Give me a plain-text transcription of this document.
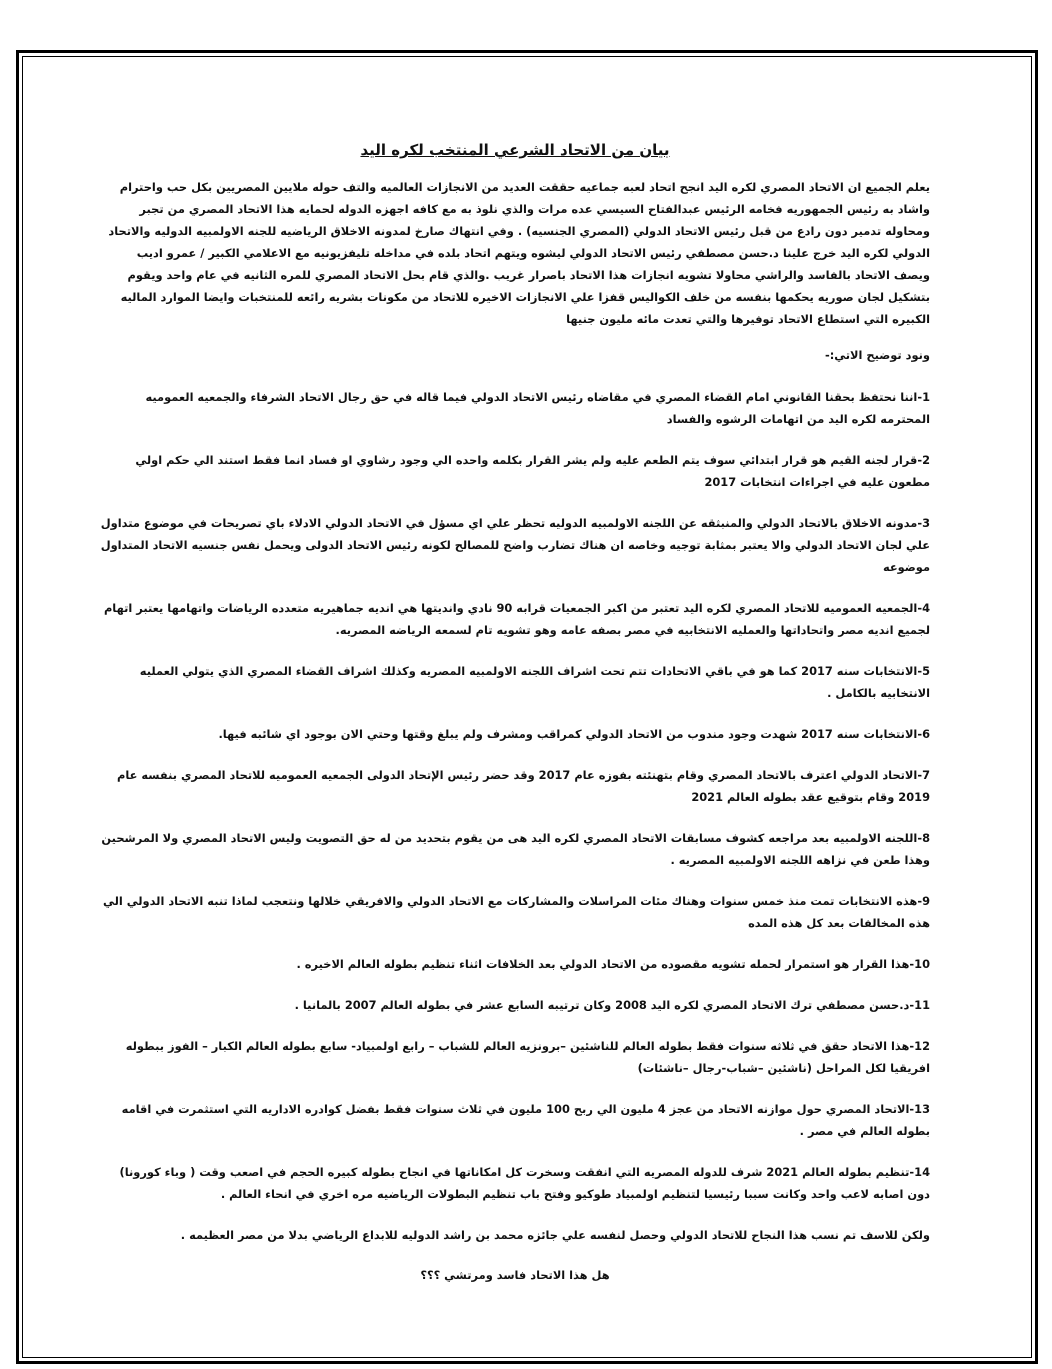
بيان من الاتحاد الشرعي المنتخب لكره اليد

يعلم الجميع ان الاتحاد المصري لكره اليد انجح اتحاد لعبه جماعيه حققت العديد من الانجازات العالميه والتف حوله ملايين المصريين بكل حب واحترام واشاد به رئيس الجمهوريه فخامه الرئيس عبدالفتاح السيسي عده مرات والذي نلوذ به مع كافه اجهزه الدوله لحمايه هذا الاتحاد المصري من تجبر ومحاوله تدمير دون رادع من قبل رئيس الاتحاد الدولي (المصري الجنسيه) . وفي انتهاك صارخ لمدونه الاخلاق الرياضيه للجنه الاولمبيه الدوليه والاتحاد الدولي لكره اليد خرج علينا د.حسن مصطفي رئيس الاتحاد الدولي ليشوه ويتهم اتحاد بلده في مداخله تليفزيونيه مع الاعلامي الكبير / عمرو اديب ويصف الاتحاد بالفاسد والراشي محاولا تشويه انجازات هذا الاتحاد باصرار غريب .والذي قام بحل الاتحاد المصري للمره الثانيه في عام واحد ويقوم بتشكيل لجان صوريه يحكمها بنفسه من خلف الكواليس قفزا علي الانجازات الاخيره للاتحاد من مكونات بشريه رائعه للمنتخبات وايضا الموارد الماليه الكبيره التي استطاع الاتحاد توفيرها والتي تعدت مائه مليون جنيها

ونود توضيح الاتي:-

1-اننا نحتفظ بحقنا القانوني امام القضاء المصري في مقاضاه رئيس الاتحاد الدولي فيما قاله في حق رجال الاتحاد الشرفاء والجمعيه العموميه المحترمه لكره اليد من اتهامات الرشوه والفساد

2-قرار لجنه القيم هو قرار ابتدائي سوف يتم الطعم عليه ولم يشر القرار بكلمه واحده الي وجود رشاوي او فساد انما فقط استند الي حكم اولي مطعون عليه في اجراءات انتخابات 2017

3-مدونه الاخلاق بالاتحاد الدولي والمنبثقه عن اللجنه الاولمبيه الدوليه تحظر علي اي مسؤل في الاتحاد الدولي الادلاء باي تصريحات في موضوع متداول علي لجان الاتحاد الدولي والا يعتبر بمثابة توجيه وخاصه ان هناك تضارب واضح للمصالح لكونه رئيس الاتحاد الدولى ويحمل نفس جنسيه الاتحاد المتداول موضوعه

4-الجمعيه العموميه للاتحاد المصري لكره اليد تعتبر من اكبر الجمعيات قرابه 90 نادي وانديتها هي انديه جماهيريه متعدده الرياضات واتهامها يعتبر اتهام لجميع انديه مصر واتحاداتها والعمليه الانتخابيه في مصر بصفه عامه وهو تشويه تام لسمعه الرياضه المصريه.

5-الانتخابات سنه 2017 كما هو في باقي الاتحادات تتم تحت اشراف اللجنه الاولمبيه المصريه وكذلك اشراف القضاء المصري الذي يتولي العمليه الانتخابيه بالكامل .

6-الانتخابات سنه 2017 شهدت وجود مندوب من الاتحاد الدولي كمراقب ومشرف ولم يبلغ وقتها وحتي الان بوجود اي شائبه فيها.

7-الاتحاد الدولي اعترف بالاتحاد المصري وقام بتهنئته بفوزه عام 2017 وقد حضر رئيس الإتحاد الدولى الجمعيه العموميه للاتحاد المصري بنفسه عام 2019 وقام بتوقيع عقد بطوله العالم 2021

8-اللجنه الاولمبيه بعد مراجعه كشوف مسابقات الاتحاد المصري لكره اليد هى من يقوم بتحديد من له حق التصويت وليس الاتحاد المصري ولا المرشحين وهذا طعن في نزاهه اللجنه الاولمبيه المصريه .

9-هذه الانتخابات تمت منذ خمس سنوات وهناك مئات المراسلات والمشاركات مع الاتحاد الدولي والافريقي خلالها ونتعجب لماذا تنبه الاتحاد الدولي الي هذه المخالفات بعد كل هذه المده

10-هذا القرار هو استمرار لحمله تشويه مقصوده من الاتحاد الدولي بعد الخلافات اثناء تنظيم بطوله العالم الاخيره .

11-د.حسن مصطفي ترك الاتحاد المصري لكره اليد 2008 وكان ترتيبه السابع عشر في بطوله العالم 2007 بالمانيا .

12-هذا الاتحاد حقق في ثلاثه سنوات فقط بطوله العالم للناشئين –برونزيه العالم للشباب – رابع اولمبياد- سابع بطوله العالم الكبار – الفوز ببطوله افريقيا لكل المراحل (ناشئين –شباب-رجال –ناشئات)

13-الاتحاد المصري حول موازنه الاتحاد من عجز 4 مليون الي ربح 100 مليون في ثلاث سنوات فقط بفضل كوادره الاداريه التي استثمرت في اقامه بطوله العالم في مصر .

14-تنظيم بطوله العالم 2021 شرف للدوله المصريه التي انفقت وسخرت كل امكاناتها في انجاح بطوله كبيره الحجم في اصعب وقت ( وباء كورونا) دون اصابه لاعب واحد وكانت سببا رئيسيا لتنظيم اولمبياد طوكيو وفتح باب تنظيم البطولات الرياضيه مره اخري في انحاء العالم .

ولكن للاسف تم نسب هذا النجاح للاتحاد الدولي وحصل لنفسه علي جائزه محمد بن راشد الدوليه للابداع الرياضي بدلا من مصر العظيمه .

هل هذا الاتحاد فاسد ومرتشي ؟؟؟
